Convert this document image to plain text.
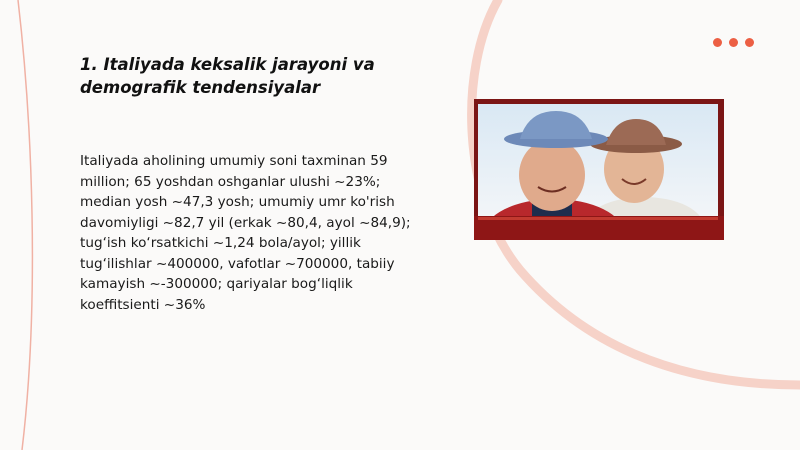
1. Italiyada keksalik jarayoni va demografik tendensiyalar
Italiyada aholining umumiy soni taxminan 59 million; 65 yoshdan oshganlar ulushi ~23%; median yosh ~47,3 yosh; umumiy umr ko'rish davomiyligi ~82,7 yil (erkak ~80,4, ayol ~84,9); tug‘ish ko‘rsatkichi ~1,24 bola/ayol; yillik tug‘ilishlar ~400000, vafotlar ~700000, tabiiy kamayish ~-300000; qariyalar bog‘liqlik koeffitsienti ~36%
